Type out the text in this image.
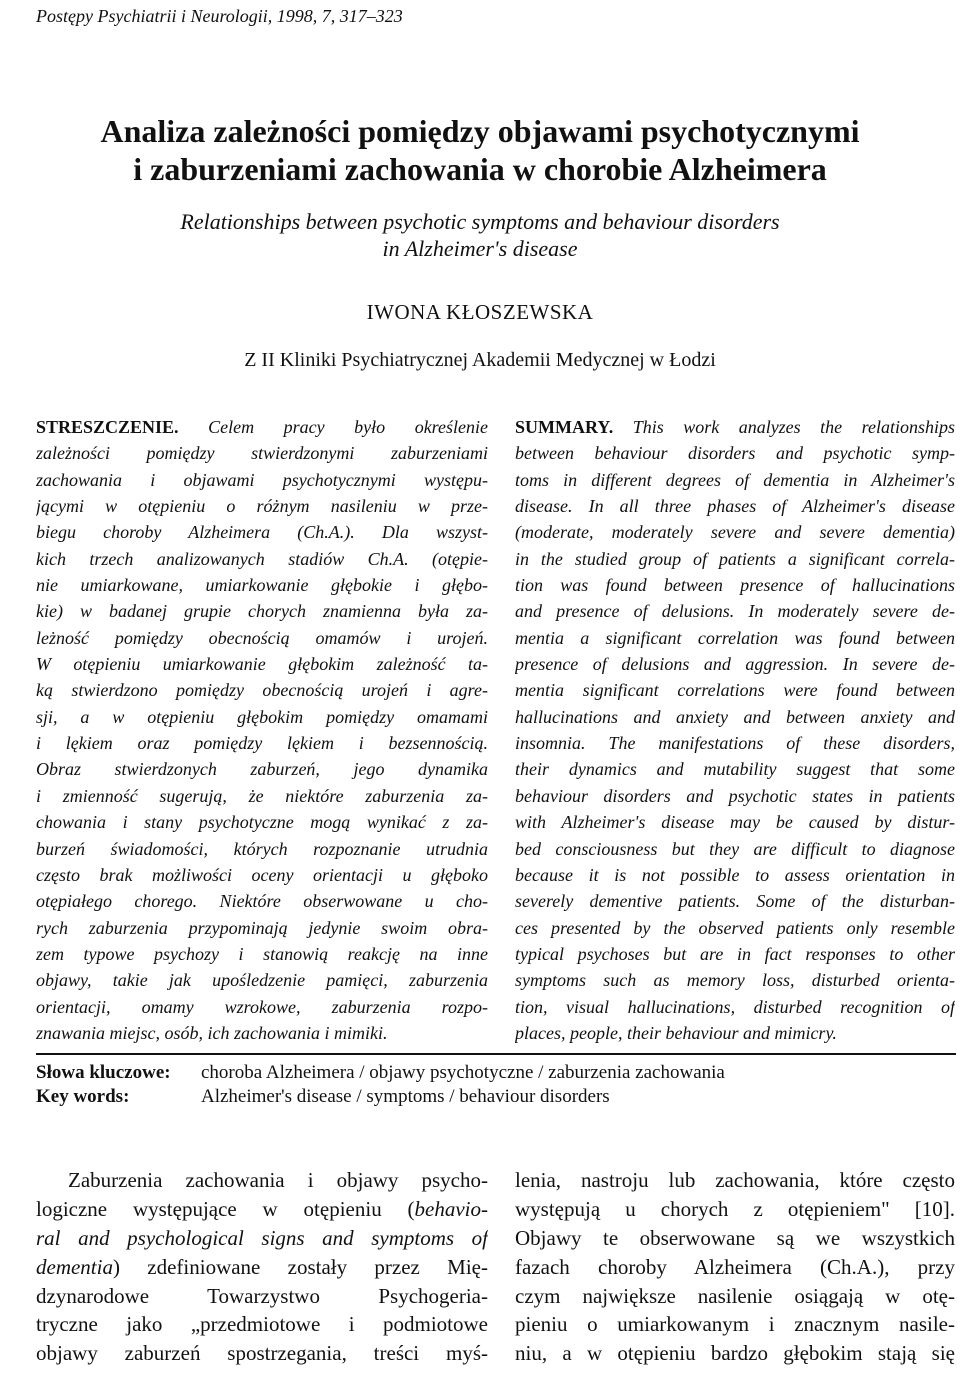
Postępy Psychiatrii i Neurologii, 1998, 7, 317–323
Analiza zależności pomiędzy objawami psychotycznymi
i zaburzeniami zachowania w chorobie Alzheimera
Relationships between psychotic symptoms and behaviour disorders
in Alzheimer's disease
IWONA KŁOSZEWSKA
Z II Kliniki Psychiatrycznej Akademii Medycznej w Łodzi
STRESZCZENIE. Celem pracy było określenie
zależności pomiędzy stwierdzonymi zaburzeniami
zachowania i objawami psychotycznymi występu-
jącymi w otępieniu o różnym nasileniu w prze-
biegu choroby Alzheimera (Ch.A.). Dla wszyst-
kich trzech analizowanych stadiów Ch.A. (otępie-
nie umiarkowane, umiarkowanie głębokie i głębo-
kie) w badanej grupie chorych znamienna była za-
leżność pomiędzy obecnością omamów i urojeń.
W otępieniu umiarkowanie głębokim zależność ta-
ką stwierdzono pomiędzy obecnością urojeń i agre-
sji, a w otępieniu głębokim pomiędzy omamami
i lękiem oraz pomiędzy lękiem i bezsennością.
Obraz stwierdzonych zaburzeń, jego dynamika
i zmienność sugerują, że niektóre zaburzenia za-
chowania i stany psychotyczne mogą wynikać z za-
burzeń świadomości, których rozpoznanie utrudnia
często brak możliwości oceny orientacji u głęboko
otępiałego chorego. Niektóre obserwowane u cho-
rych zaburzenia przypominają jedynie swoim obra-
zem typowe psychozy i stanowią reakcję na inne
objawy, takie jak upośledzenie pamięci, zaburzenia
orientacji, omamy wzrokowe, zaburzenia rozpo-
znawania miejsc, osób, ich zachowania i mimiki.
SUMMARY. This work analyzes the relationships
between behaviour disorders and psychotic symp-
toms in different degrees of dementia in Alzheimer's
disease. In all three phases of Alzheimer's disease
(moderate, moderately severe and severe dementia)
in the studied group of patients a significant correla-
tion was found between presence of hallucinations
and presence of delusions. In moderately severe de-
mentia a significant correlation was found between
presence of delusions and aggression. In severe de-
mentia significant correlations were found between
hallucinations and anxiety and between anxiety and
insomnia. The manifestations of these disorders,
their dynamics and mutability suggest that some
behaviour disorders and psychotic states in patients
with Alzheimer's disease may be caused by distur-
bed consciousness but they are difficult to diagnose
because it is not possible to assess orientation in
severely dementive patients. Some of the disturban-
ces presented by the observed patients only resemble
typical psychoses but are in fact responses to other
symptoms such as memory loss, disturbed orienta-
tion, visual hallucinations, disturbed recognition of
places, people, their behaviour and mimicry.
Słowa kluczowe: choroba Alzheimera / objawy psychotyczne / zaburzenia zachowania
Key words:	Alzheimer's disease / symptoms / behaviour disorders
Zaburzenia zachowania i objawy psycho-
logiczne występujące w otępieniu (behavio-
ral and psychological signs and symptoms of
dementia) zdefiniowane zostały przez Mię-
dzynarodowe Towarzystwo Psychogeria-
tryczne jako „przedmiotowe i podmiotowe
objawy zaburzeń spostrzegania, treści myś-
lenia, nastroju lub zachowania, które często
występują u chorych z otępieniem" [10].
Objawy te obserwowane są we wszystkich
fazach choroby Alzheimera (Ch.A.), przy
czym największe nasilenie osiągają w otę-
pieniu o umiarkowanym i znacznym nasile-
niu, a w otępieniu bardzo głębokim stają się
